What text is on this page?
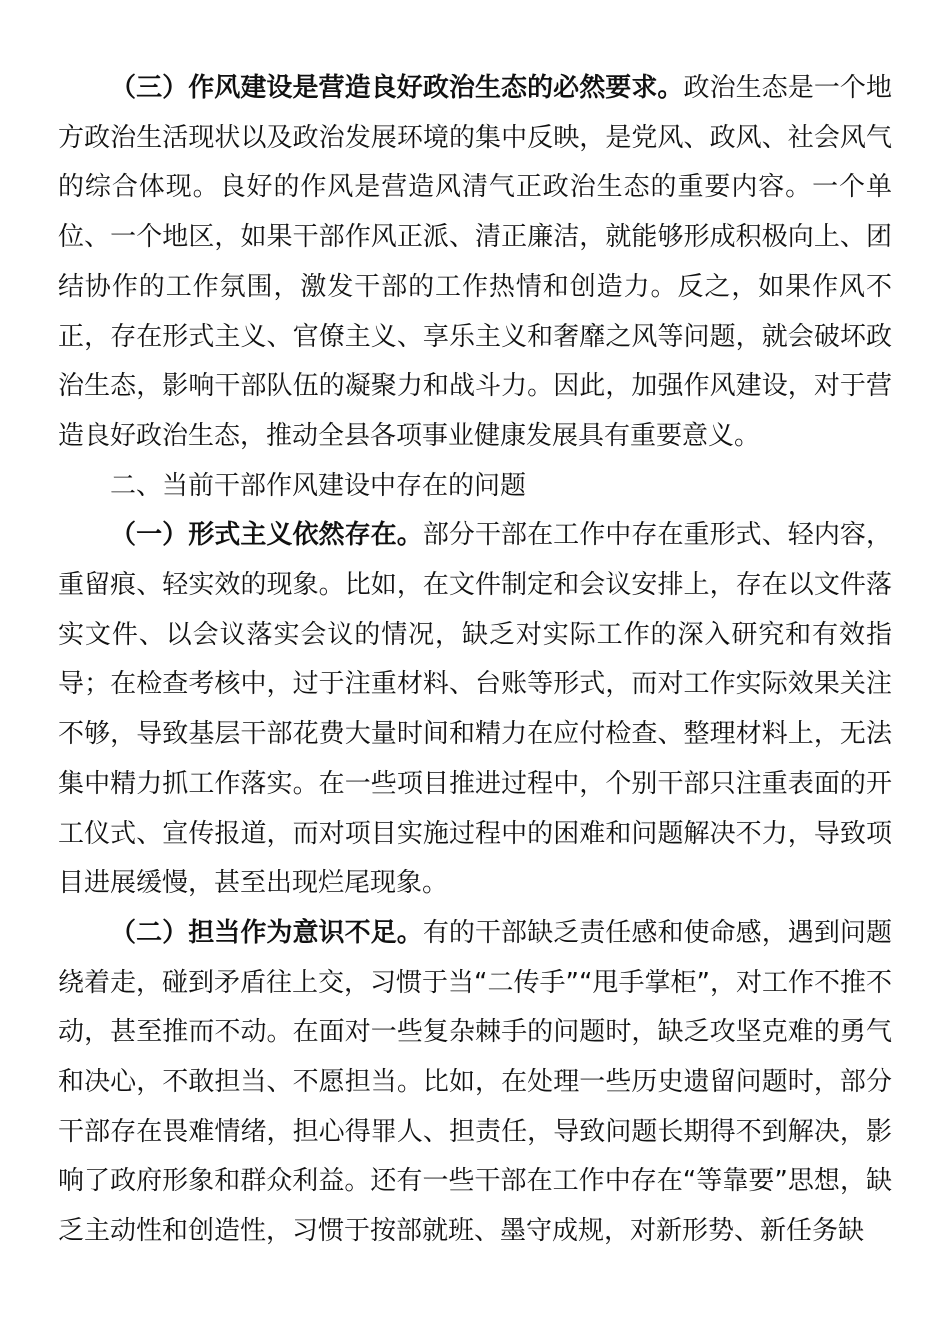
（三）作风建设是营造良好政治生态的必然要求。政治生态是一个地方政治生活现状以及政治发展环境的集中反映，是党风、政风、社会风气的综合体现。良好的作风是营造风清气正政治生态的重要内容。一个单位、一个地区，如果干部作风正派、清正廉洁，就能够形成积极向上、团结协作的工作氛围，激发干部的工作热情和创造力。反之，如果作风不正，存在形式主义、官僚主义、享乐主义和奢靡之风等问题，就会破坏政治生态，影响干部队伍的凝聚力和战斗力。因此，加强作风建设，对于营造良好政治生态，推动全县各项事业健康发展具有重要意义。

二、当前干部作风建设中存在的问题

（一）形式主义依然存在。部分干部在工作中存在重形式、轻内容，重留痕、轻实效的现象。比如，在文件制定和会议安排上，存在以文件落实文件、以会议落实会议的情况，缺乏对实际工作的深入研究和有效指导；在检查考核中，过于注重材料、台账等形式，而对工作实际效果关注不够，导致基层干部花费大量时间和精力在应付检查、整理材料上，无法集中精力抓工作落实。在一些项目推进过程中，个别干部只注重表面的开工仪式、宣传报道，而对项目实施过程中的困难和问题解决不力，导致项目进展缓慢，甚至出现烂尾现象。

（二）担当作为意识不足。有的干部缺乏责任感和使命感，遇到问题绕着走，碰到矛盾往上交，习惯于当“二传手”“甩手掌柜”，对工作不推不动，甚至推而不动。在面对一些复杂棘手的问题时，缺乏攻坚克难的勇气和决心，不敢担当、不愿担当。比如，在处理一些历史遗留问题时，部分干部存在畏难情绪，担心得罪人、担责任，导致问题长期得不到解决，影响了政府形象和群众利益。还有一些干部在工作中存在“等靠要”思想，缺乏主动性和创造性，习惯于按部就班、墨守成规，对新形势、新任务缺
